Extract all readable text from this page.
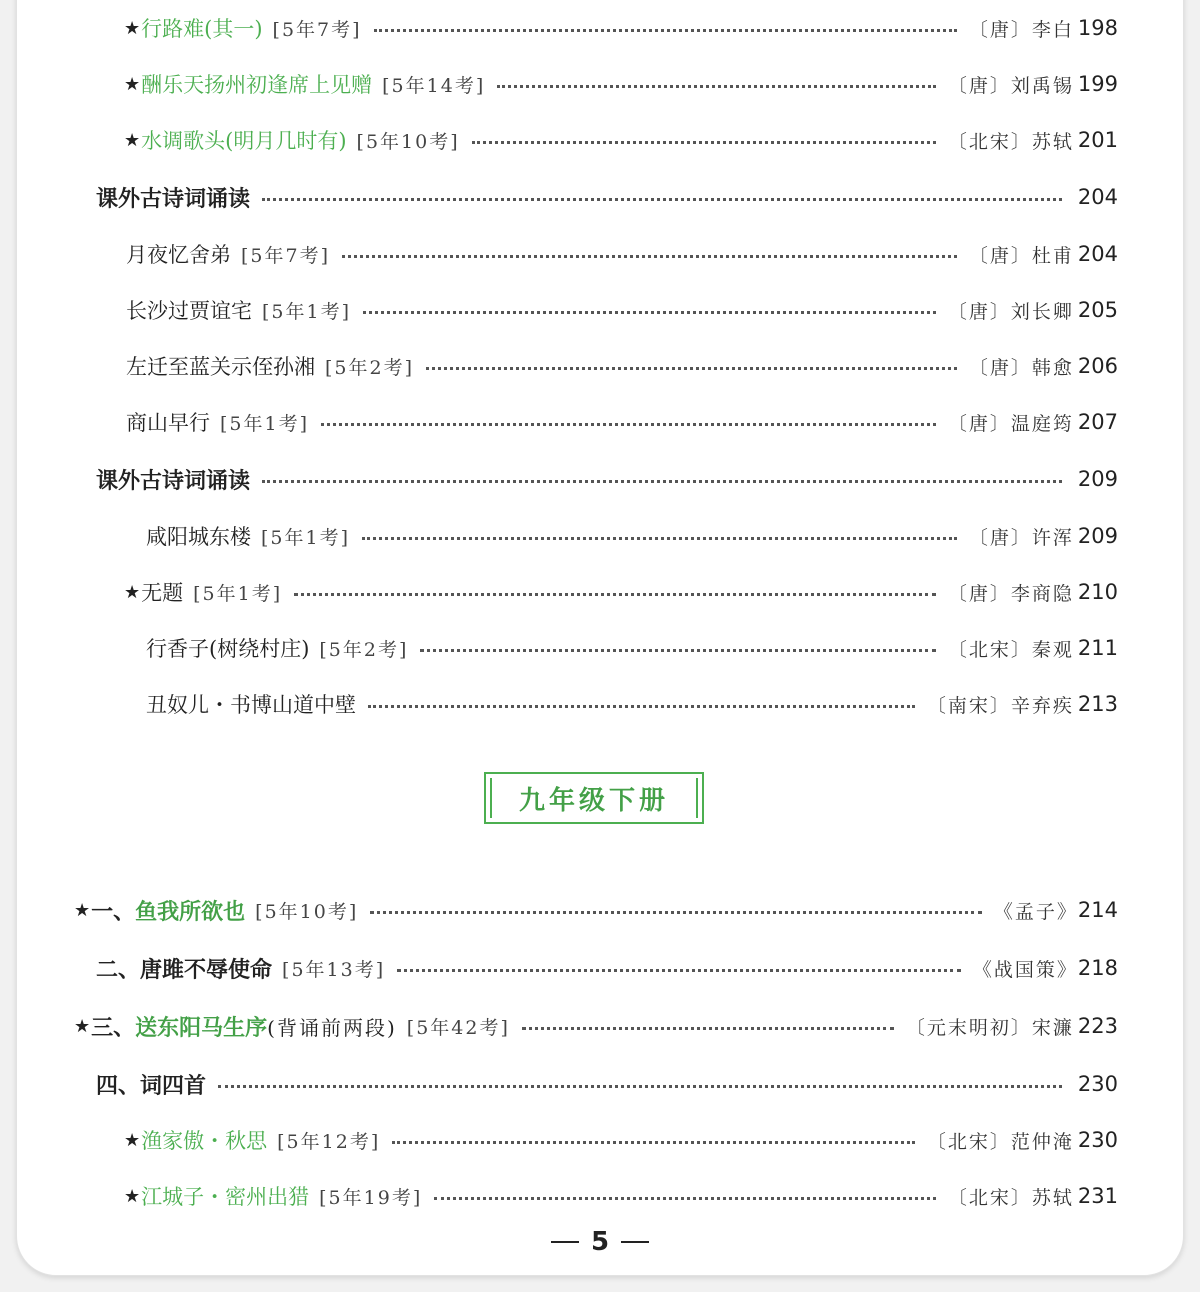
★ 行路难(其一) [5年7考]	〔唐〕李白 198
★ 酬乐天扬州初逢席上见赠 [5年14考]	〔唐〕刘禹锡 199
★ 水调歌头(明月几时有) [5年10考]	〔北宋〕苏轼 201
课外古诗词诵读	204
月夜忆舍弟 [5年7考]	〔唐〕杜甫 204
长沙过贾谊宅 [5年1考]	〔唐〕刘长卿 205
左迁至蓝关示侄孙湘 [5年2考]	〔唐〕韩愈 206
商山早行 [5年1考]	〔唐〕温庭筠 207
课外古诗词诵读	209
咸阳城东楼 [5年1考]	〔唐〕许浑 209
★ 无题 [5年1考]	〔唐〕李商隐 210
行香子(树绕村庄) [5年2考]	〔北宋〕秦观 211
丑奴儿・书博山道中壁	〔南宋〕辛弃疾 213
九年级下册
★ 一、 鱼我所欲也 [5年10考]	《孟子》 214
二、 唐雎不辱使命 [5年13考]	《战国策》 218
★ 三、 送东阳马生序 (背诵前两段) [5年42考]	〔元末明初〕宋濂 223
四、 词四首	230
★ 渔家傲・秋思 [5年12考]	〔北宋〕范仲淹 230
★ 江城子・密州出猎 [5年19考]	〔北宋〕苏轼 231
5
